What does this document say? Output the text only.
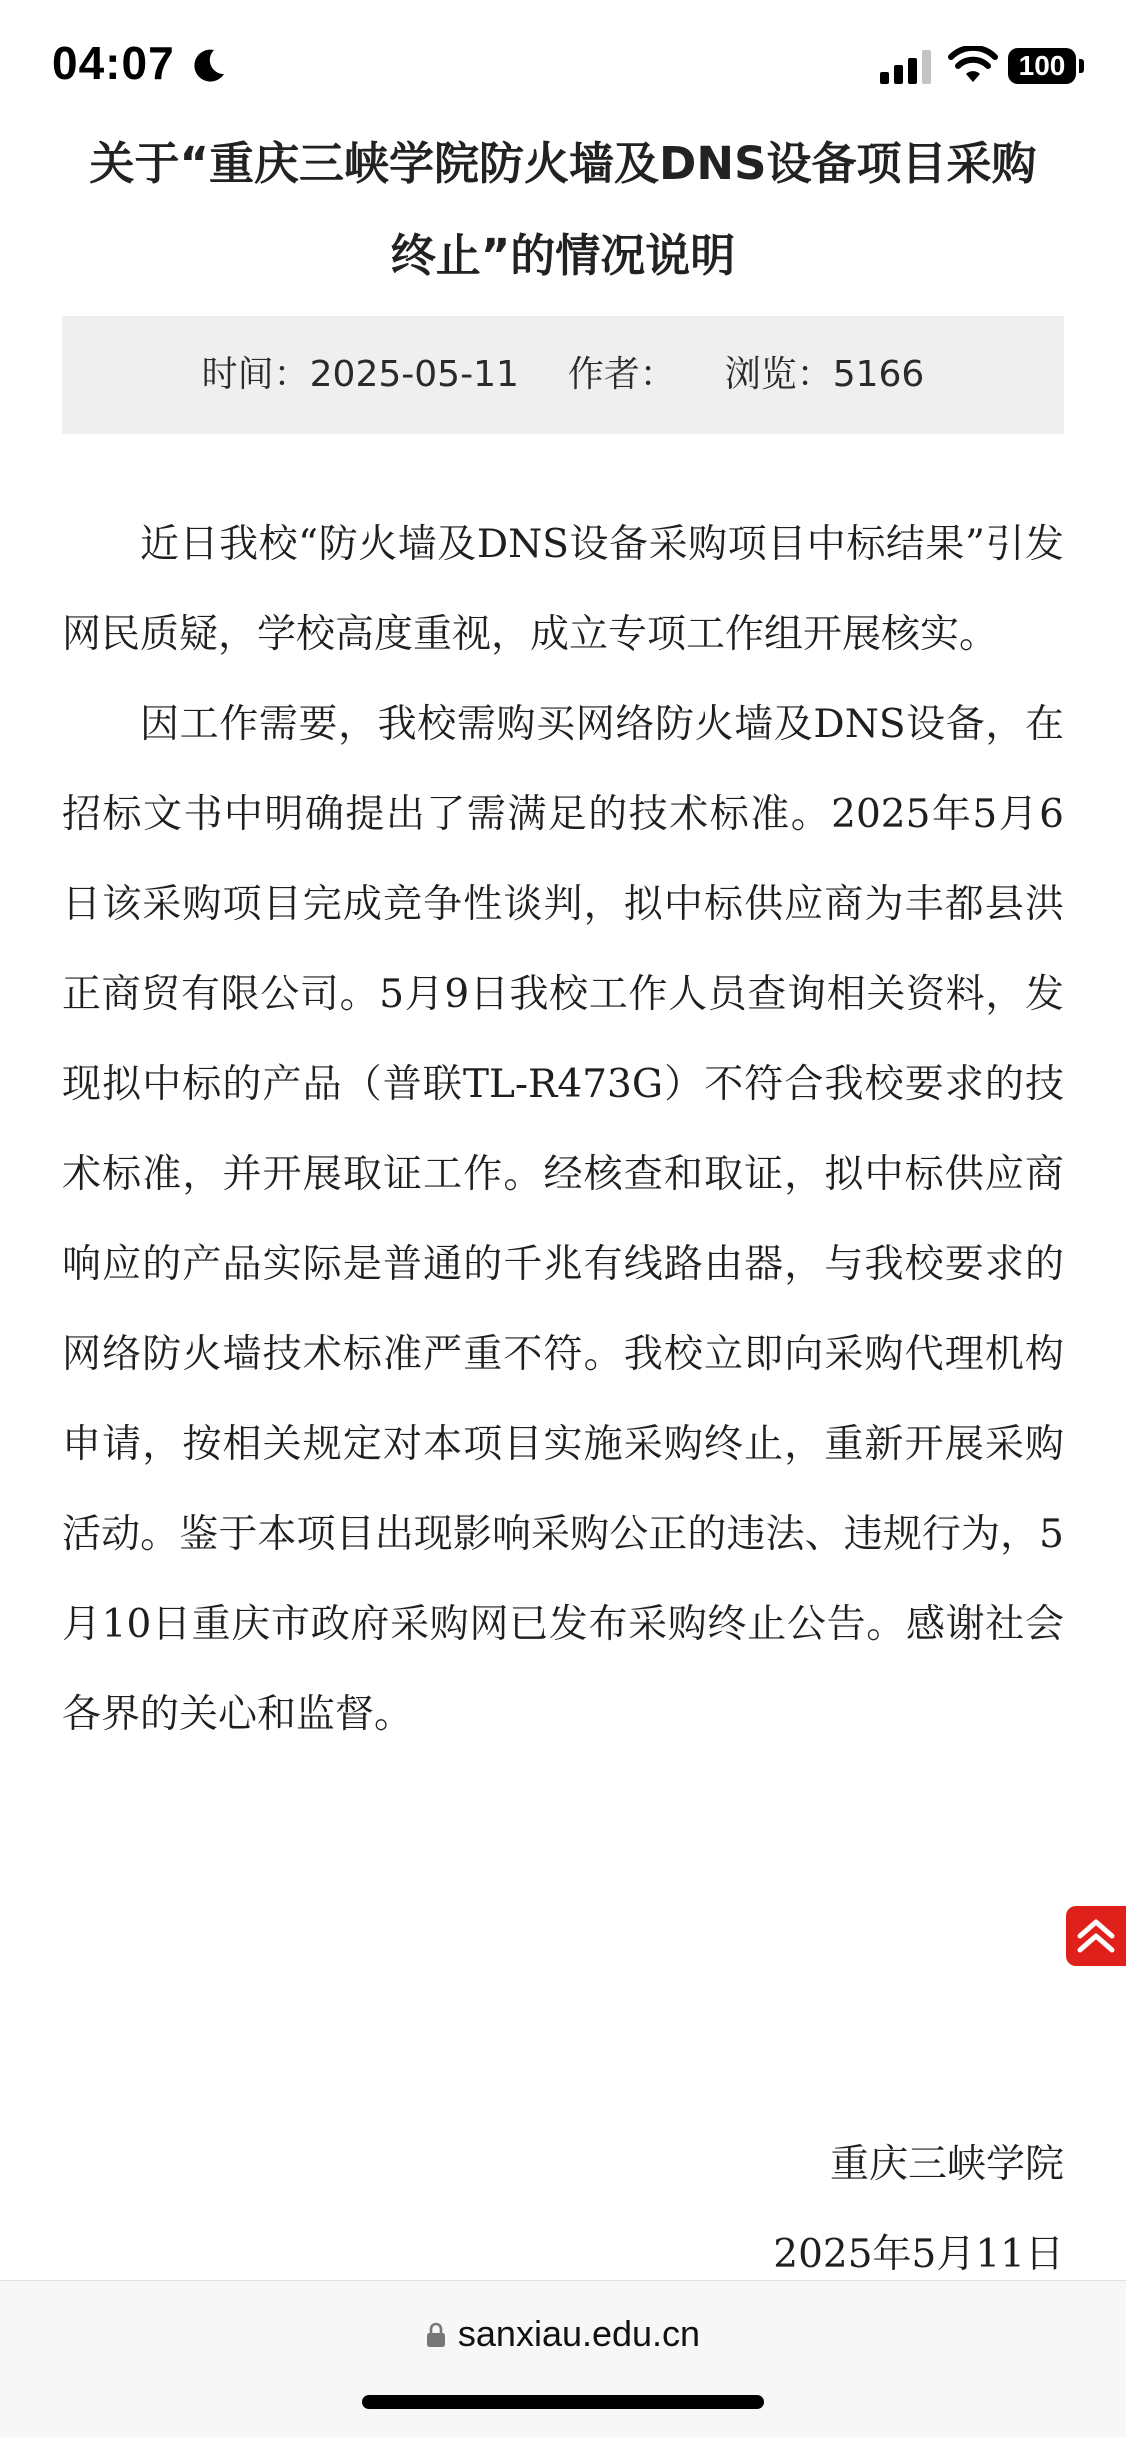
04:07	100
关于“重庆三峡学院防火墙及DNS设备项目采购
终止”的情况说明
时间：2025-05-11 作者： 浏览：5166

近日我校“防火墙及DNS设备采购项目中标结果”引发网民质疑，学校高度重视，成立专项工作组开展核实。

因工作需要，我校需购买网络防火墙及DNS设备，在招标文书中明确提出了需满足的技术标准。2025年5月6日该采购项目完成竞争性谈判，拟中标供应商为丰都县洪正商贸有限公司。5月9日我校工作人员查询相关资料，发现拟中标的产品（普联TL-R473G）不符合我校要求的技术标准，并开展取证工作。经核查和取证，拟中标供应商响应的产品实际是普通的千兆有线路由器，与我校要求的网络防火墙技术标准严重不符。我校立即向采购代理机构申请，按相关规定对本项目实施采购终止，重新开展采购活动。鉴于本项目出现影响采购公正的违法、违规行为，5月10日重庆市政府采购网已发布采购终止公告。感谢社会各界的关心和监督。

重庆三峡学院
2025年5月11日
sanxiau.edu.cn
